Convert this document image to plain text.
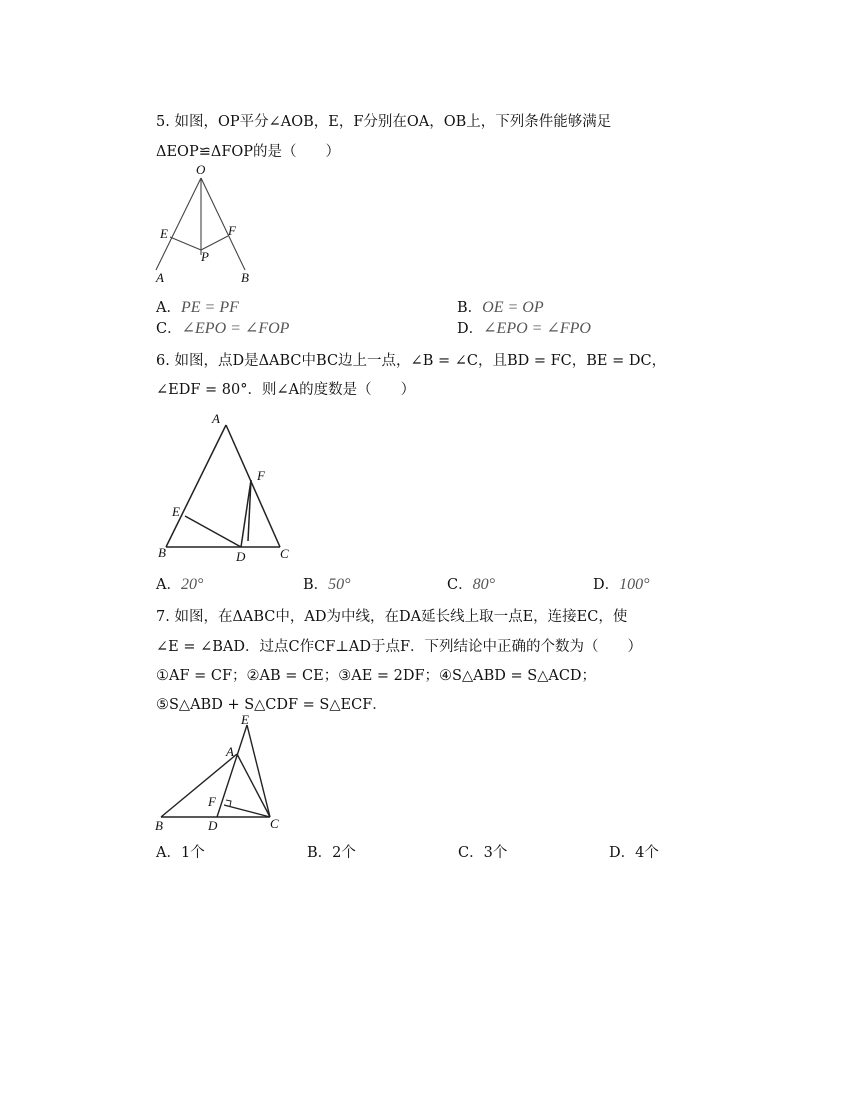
5. 如图，OP平分∠AOB，E，F分别在OA，OB上，下列条件能够满足
ΔEOP≌ΔFOP的是（　　）
O
E	F
P
A	B
A．PE = PF	B．OE = OP
C．∠EPO = ∠FOP	D．∠EPO = ∠FPO
6. 如图，点D是ΔABC中BC边上一点，∠B = ∠C，且BD = FC，BE = DC，
∠EDF = 80°．则∠A的度数是（　　）
A
F
E
B	D	C
A．20°	B．50°	C．80°	D．100°
7. 如图，在ΔABC中，AD为中线，在DA延长线上取一点E，连接EC，使
∠E = ∠BAD．过点C作CF⊥AD于点F．下列结论中正确的个数为（　　）
①AF = CF；②AB = CE；③AE = 2DF；④S△ABD = S△ACD；
⑤S△ABD + S△CDF = S△ECF．
E
A
F
B	D	C
A．1个	B．2个	C．3个	D．4个
